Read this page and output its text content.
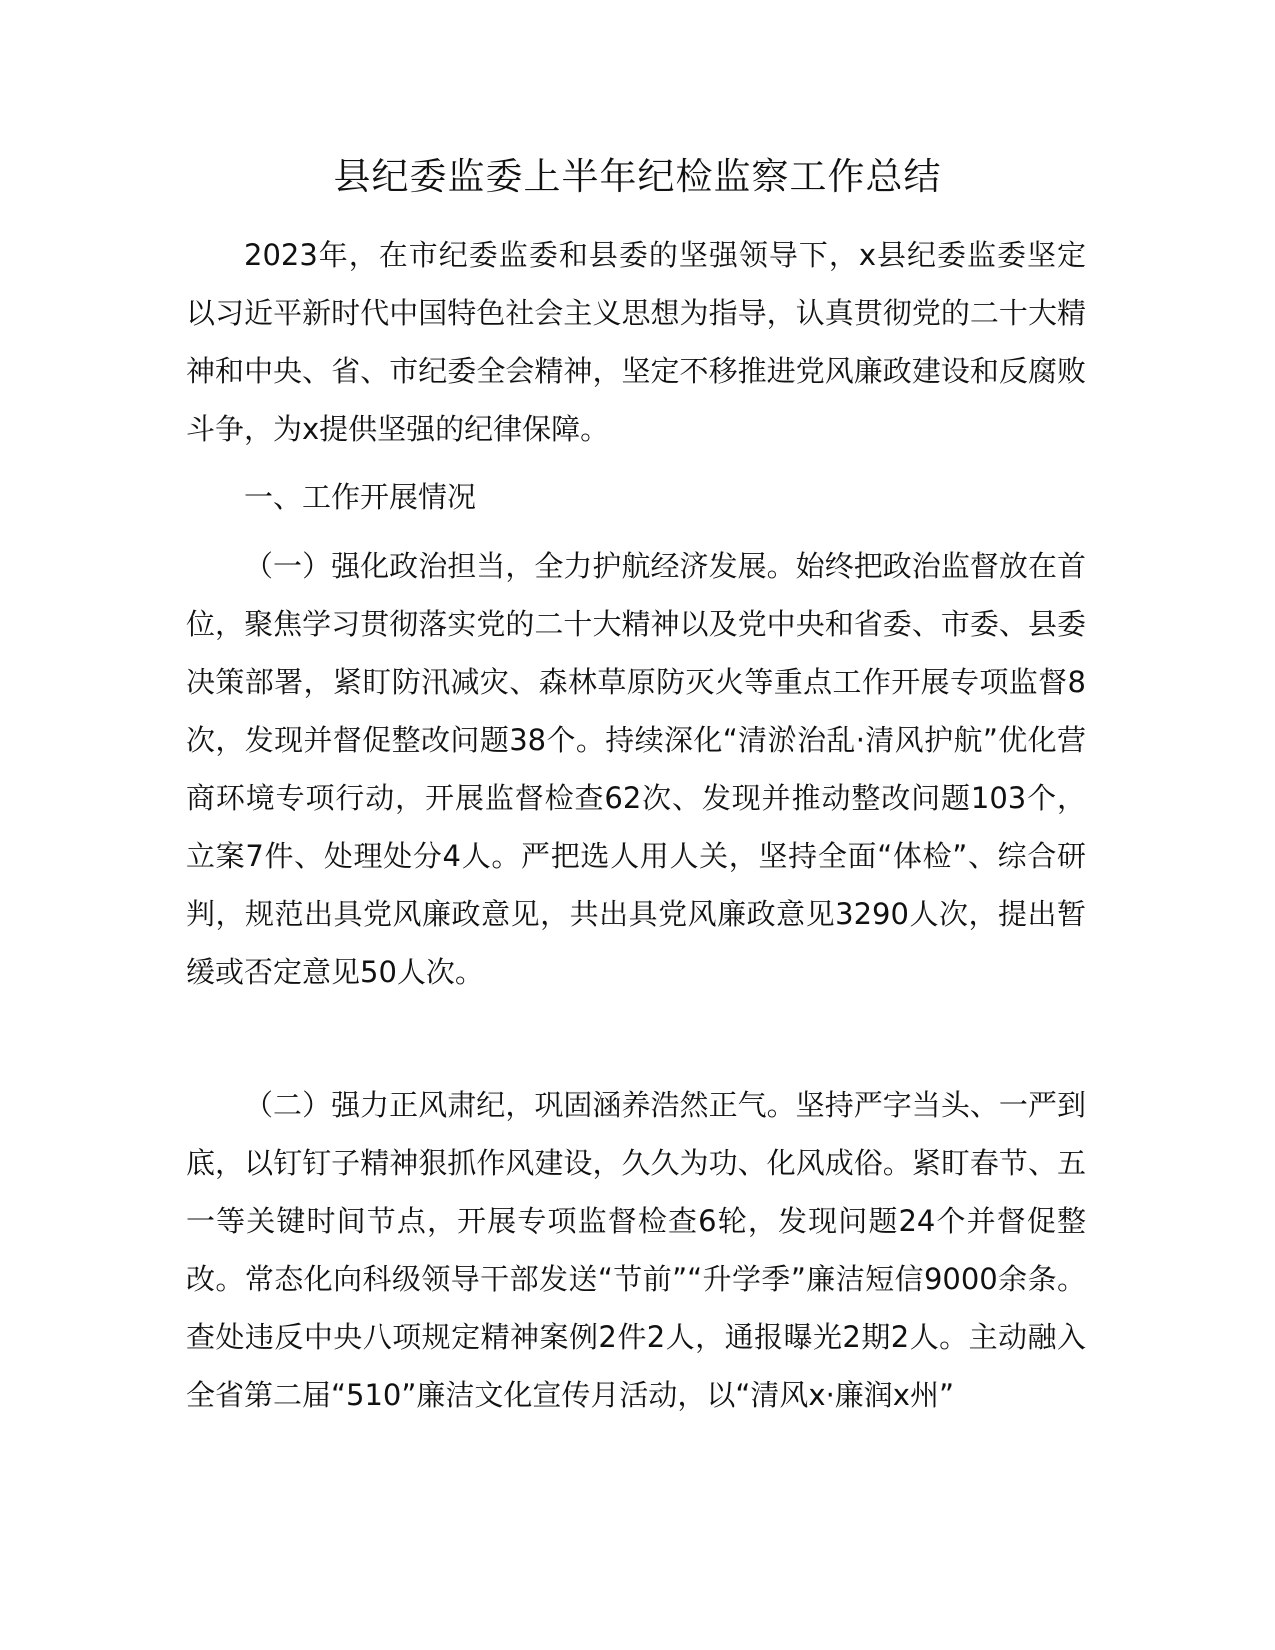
县纪委监委上半年纪检监察工作总结

2023年，在市纪委监委和县委的坚强领导下，x县纪委监委坚定以习近平新时代中国特色社会主义思想为指导，认真贯彻党的二十大精神和中央、省、市纪委全会精神，坚定不移推进党风廉政建设和反腐败斗争，为x提供坚强的纪律保障。

一、工作开展情况

（一）强化政治担当，全力护航经济发展。始终把政治监督放在首位，聚焦学习贯彻落实党的二十大精神以及党中央和省委、市委、县委决策部署，紧盯防汛减灾、森林草原防灭火等重点工作开展专项监督8次，发现并督促整改问题38个。持续深化“清淤治乱·清风护航”优化营商环境专项行动，开展监督检查62次、发现并推动整改问题103个，立案7件、处理处分4人。严把选人用人关，坚持全面“体检”、综合研判，规范出具党风廉政意见，共出具党风廉政意见3290人次，提出暂缓或否定意见50人次。

（二）强力正风肃纪，巩固涵养浩然正气。坚持严字当头、一严到底，以钉钉子精神狠抓作风建设，久久为功、化风成俗。紧盯春节、五一等关键时间节点，开展专项监督检查6轮，发现问题24个并督促整改。常态化向科级领导干部发送“节前”“升学季”廉洁短信9000余条。查处违反中央八项规定精神案例2件2人，通报曝光2期2人。主动融入全省第二届“510”廉洁文化宣传月活动，以“清风x·廉润x州”
